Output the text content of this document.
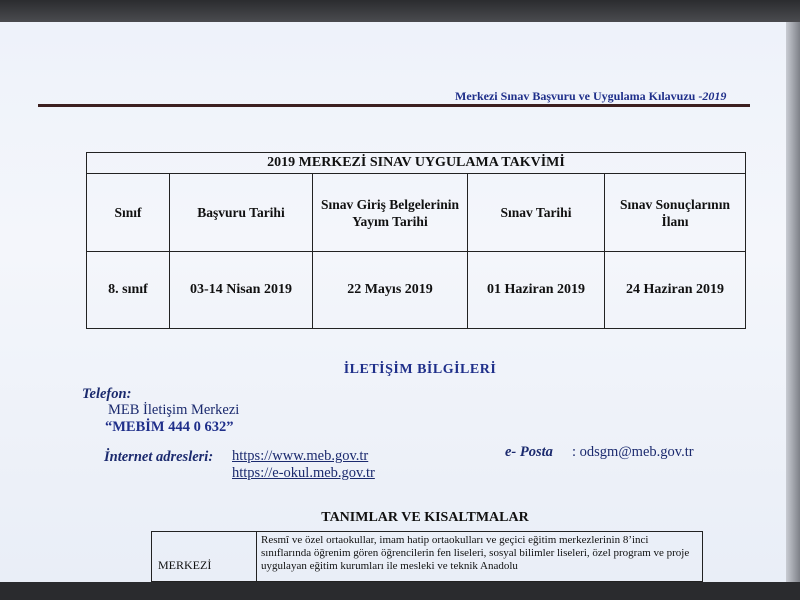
Merkezi Sınav Başvuru ve Uygulama Kılavuzu -2019
2019 MERKEZİ SINAV UYGULAMA TAKVİMİ				
Sınıf	Başvuru Tarihi	Sınav Giriş Belgelerinin Yayım Tarihi	Sınav Tarihi	Sınav Sonuçlarının İlanı
8. sınıf	03-14 Nisan 2019	22 Mayıs 2019	01 Haziran 2019	24 Haziran 2019
İLETİŞİM BİLGİLERİ
Telefon:
MEB İletişim Merkezi
“MEBİM 444 0 632”
İnternet adresleri: https://www.meb.gov.tr
https://e-okul.meb.gov.tr
e- Posta : odsgm@meb.gov.tr
TANIMLAR VE KISALTMALAR
MERKEZİ	Resmî ve özel ortaokullar, imam hatip ortaokulları ve geçici eğitim merkezlerinin 8’inci sınıflarında öğrenim gören öğrencilerin fen liseleri, sosyal bilimler liseleri, özel program ve proje uygulayan eğitim kurumları ile mesleki ve teknik Anadolu
